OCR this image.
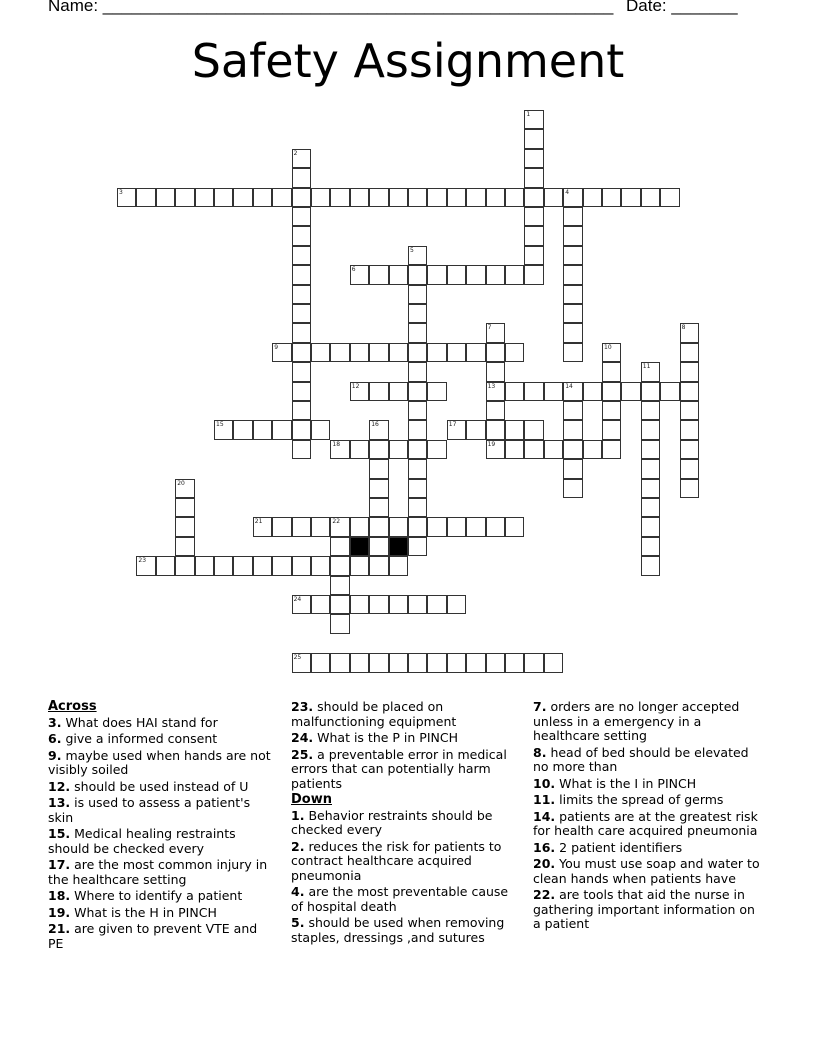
Name: ______________________________________________________ Date: _______
Safety Assignment
1
2
3	4
5
6
7
13
8
9	10
11
12	14
15	16	17
18	19
20
21	22
23
24
25
Across
3. What does HAI stand for
6. give a informed consent
9. maybe used when hands are not visibly soiled
12. should be used instead of U
13. is used to assess a patient's skin
15. Medical healing restraints should be checked every
17. are the most common injury in the healthcare setting
18. Where to identify a patient
19. What is the H in PINCH
21. are given to prevent VTE and PE
23. should be placed on malfunctioning equipment
24. What is the P in PINCH
25. a preventable error in medical errors that can potentially harm patients
Down
1. Behavior restraints should be checked every
2. reduces the risk for patients to contract healthcare acquired pneumonia
4. are the most preventable cause of hospital death
5. should be used when removing staples, dressings ,and sutures
7. orders are no longer accepted unless in a emergency in a healthcare setting
8. head of bed should be elevated no more than
10. What is the I in PINCH
11. limits the spread of germs
14. patients are at the greatest risk for health care acquired pneumonia
16. 2 patient identifiers
20. You must use soap and water to clean hands when patients have
22. are tools that aid the nurse in gathering important information on a patient
